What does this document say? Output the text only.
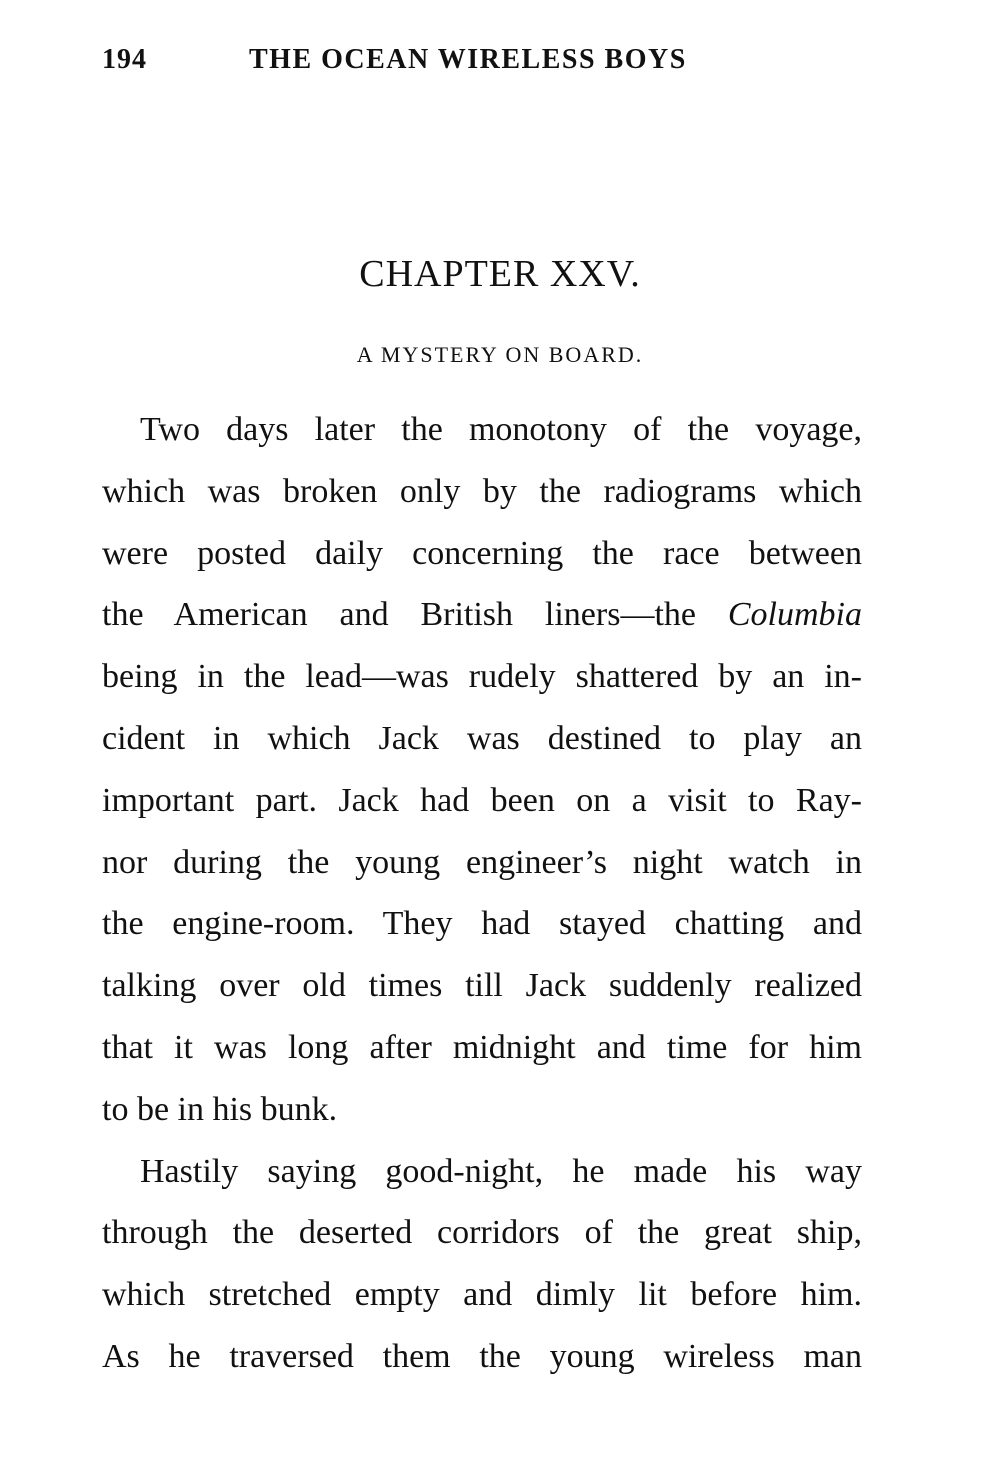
194	THE OCEAN WIRELESS BOYS
CHAPTER XXV.
A MYSTERY ON BOARD.
Two days later the monotony of the voyage,
which was broken only by the radiograms which
were posted daily concerning the race between
the American and British liners—the Columbia
being in the lead—was rudely shattered by an in-
cident in which Jack was destined to play an
important part. Jack had been on a visit to Ray-
nor during the young engineer’s night watch in
the engine-room. They had stayed chatting and
talking over old times till Jack suddenly realized
that it was long after midnight and time for him
to be in his bunk.
Hastily saying good-night, he made his way
through the deserted corridors of the great ship,
which stretched empty and dimly lit before him.
As he traversed them the young wireless man
